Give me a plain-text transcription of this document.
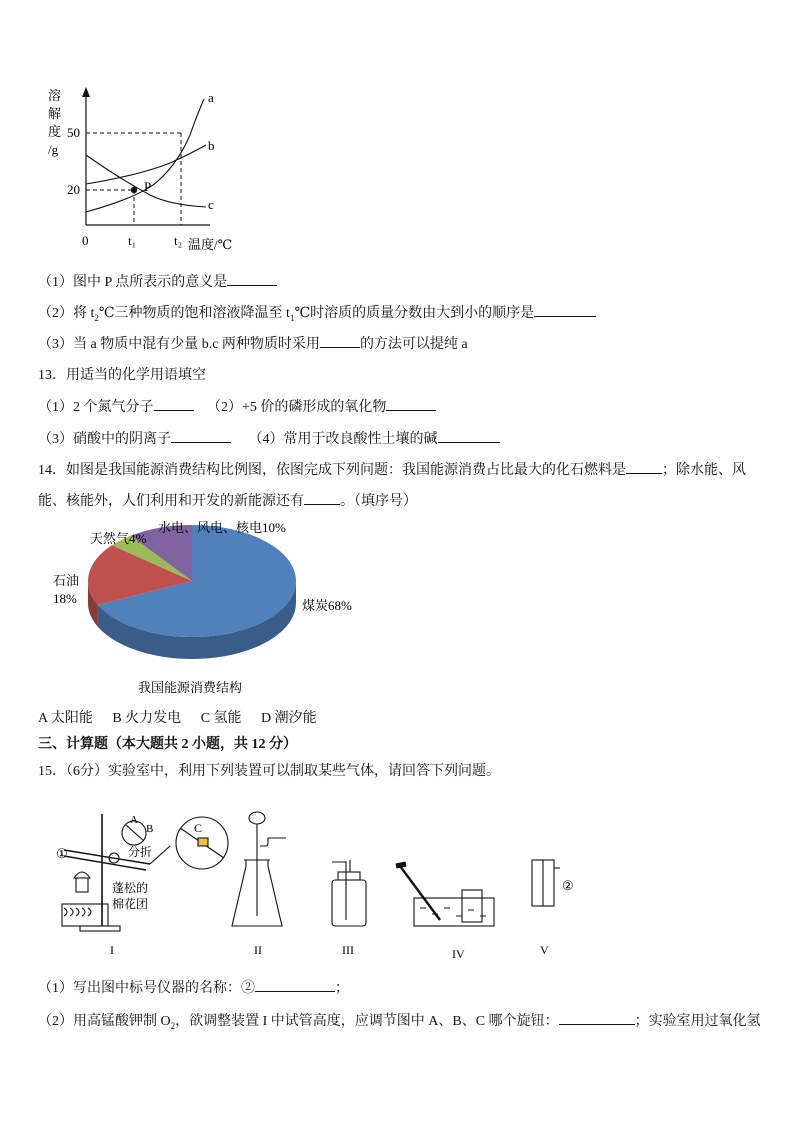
溶
解
度
/g
50
20
0	t₁	t₂ 温度/℃
P
a
b
c
（1）图中 P 点所表示的意义是
（2）将 $t_2℃$三种物质的饱和溶液降温至 $t_1℃$时溶质的质量分数由大到小的顺序是
（3）当 a 物质中混有少量 b.c 两种物质时采用	的方法可以提纯 a
13．用适当的化学用语填空
（1）2 个氮气分子	（2）+5 价的磷形成的氧化物
（3）硝酸中的阴离子	（4）常用于改良酸性土壤的碱
14．如图是我国能源消费结构比例图，依图完成下列问题：我国能源消费占比最大的化石燃料是	；除水能、风
能、核能外，人们利用和开发的新能源还有	。（填序号）
水电、风电、核电10%
天然气4%
石油
18%	煤炭68%
我国能源消费结构
A 太阳能 B 火力发电 C 氢能 D 潮汐能
三、计算题（本大题共 2 小题，共 12 分）
15．（6分）实验室中，利用下列装置可以制取某些气体，请回答下列问题。
①
A
B	C
分折
蓬松的
棉花团
②
I	II	III	IV	V
（1）写出图中标号仪器的名称：②	；
（2）用高锰酸钾制 $O_2$，欲调整装置 I 中试管高度，应调节图中 A、B、C 哪个旋钮：	；实验室用过氧化氢
